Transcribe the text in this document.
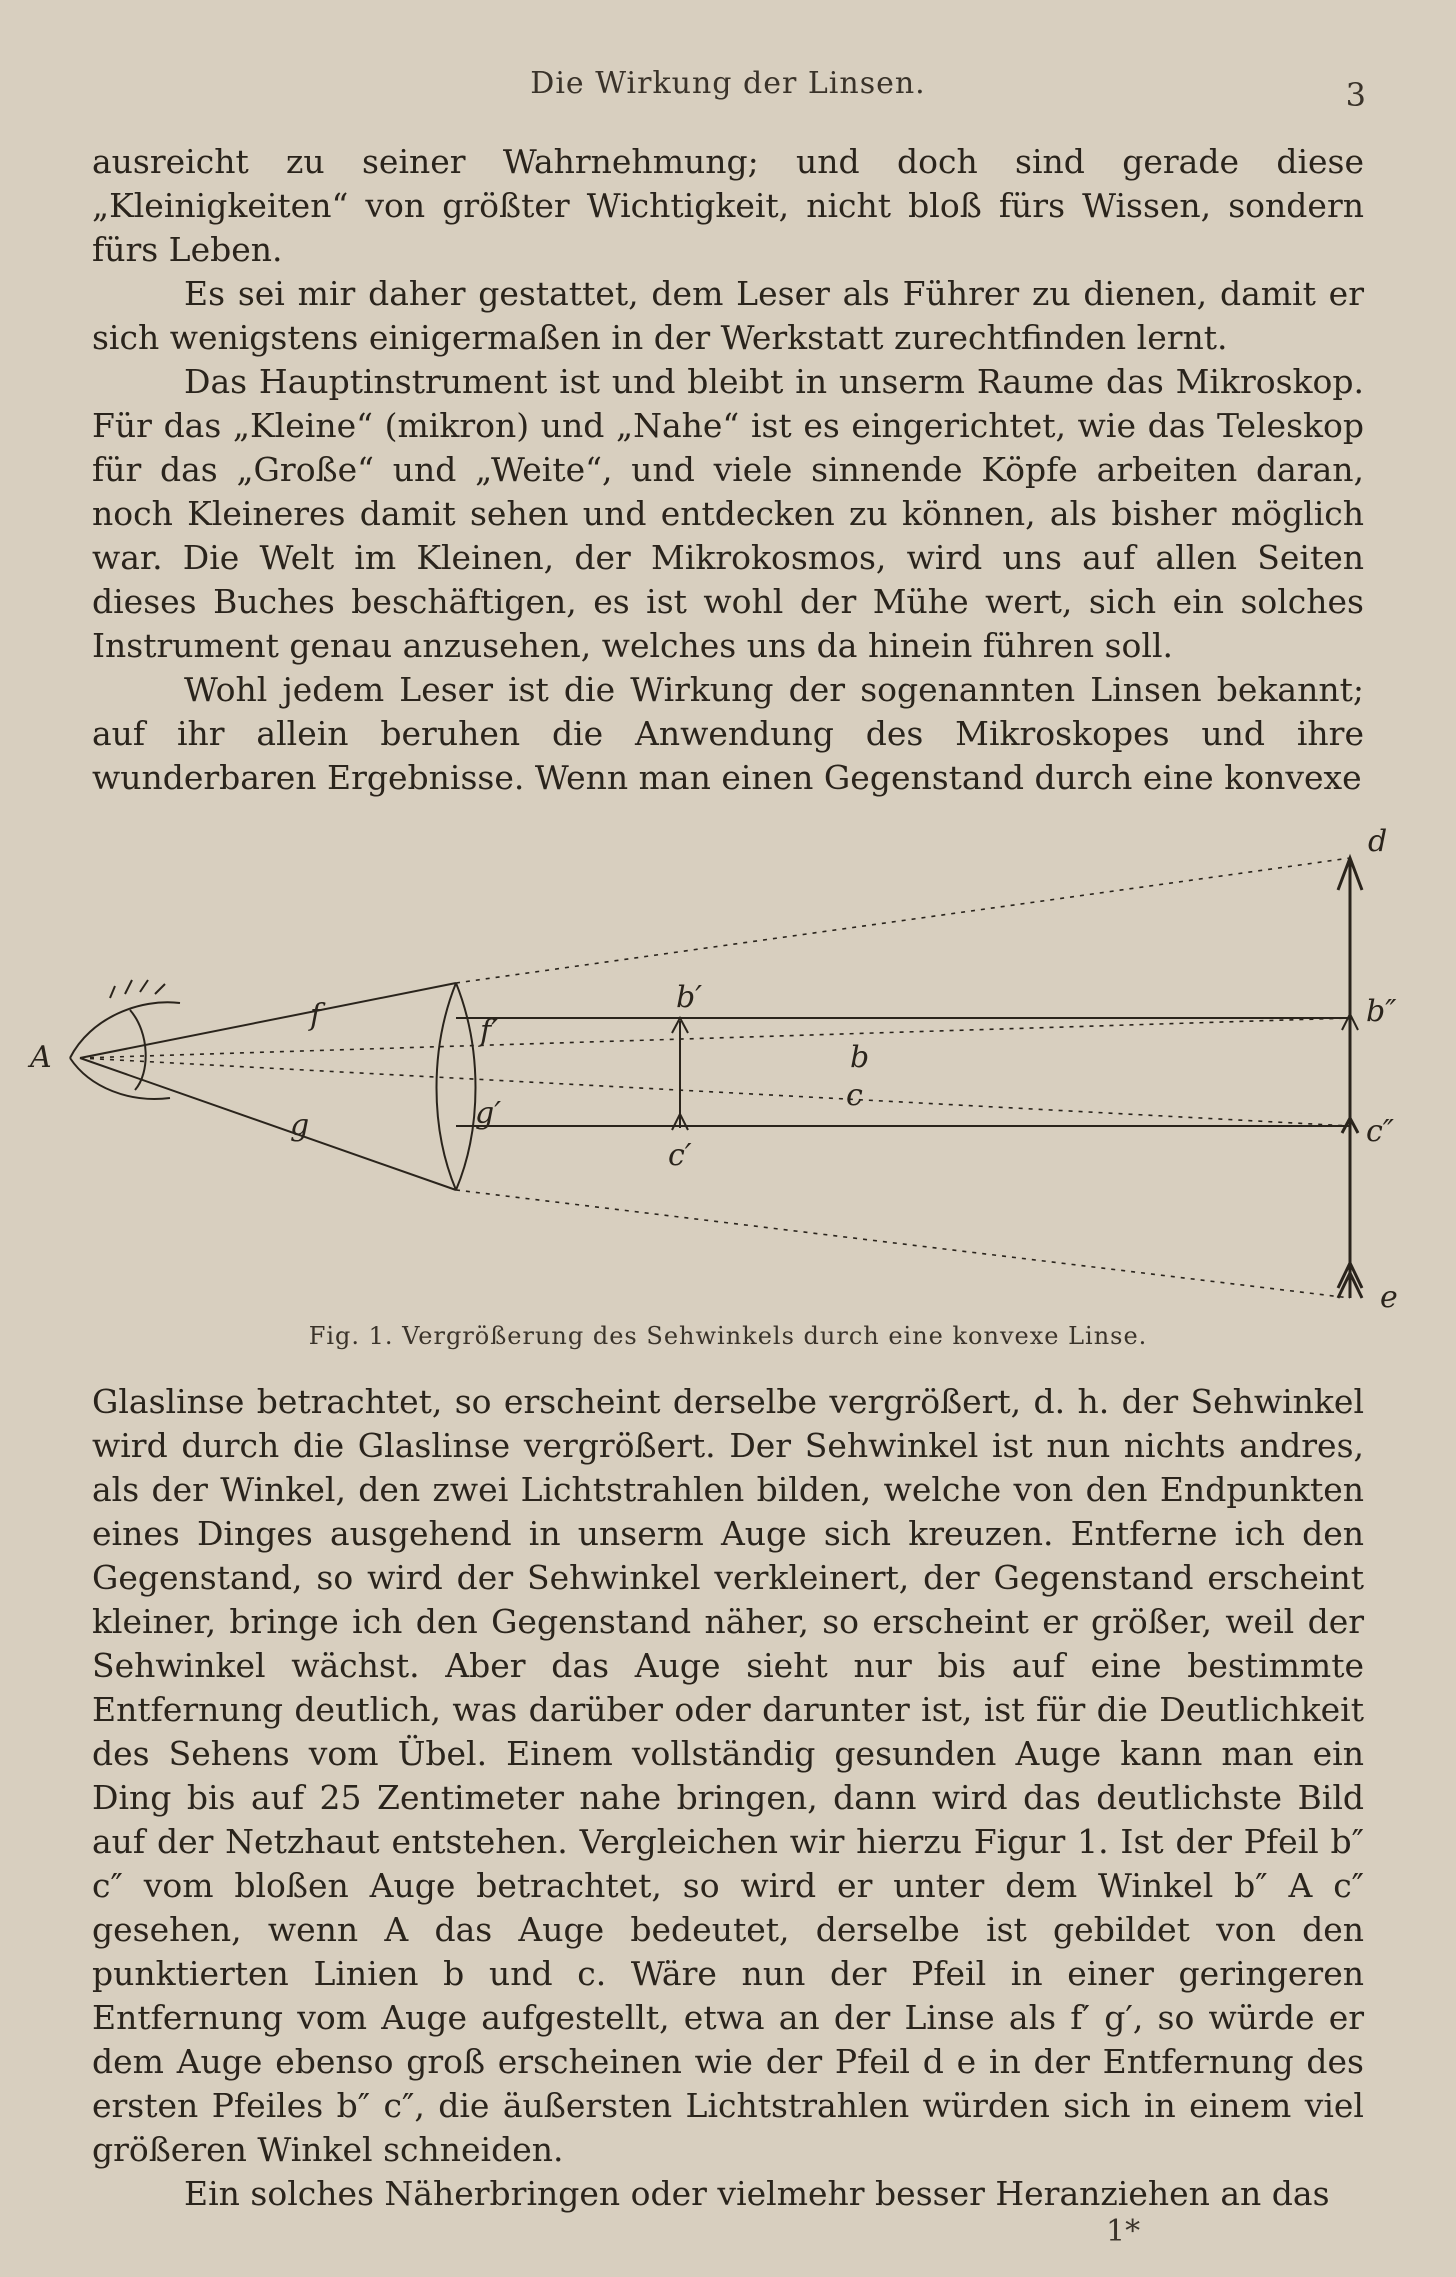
Die Wirkung der Linsen.	3

ausreicht zu seiner Wahrnehmung; und doch sind gerade diese „Kleinigkeiten“ von größter Wichtigkeit, nicht bloß fürs Wissen, sondern fürs Leben.

Es sei mir daher gestattet, dem Leser als Führer zu dienen, damit er sich wenigstens einigermaßen in der Werkstatt zurechtfinden lernt.

Das Hauptinstrument ist und bleibt in unserm Raume das Mikroskop. Für das „Kleine“ (mikron) und „Nahe“ ist es eingerichtet, wie das Teleskop für das „Große“ und „Weite“, und viele sinnende Köpfe arbeiten daran, noch Kleineres damit sehen und entdecken zu können, als bisher möglich war. Die Welt im Kleinen, der Mikrokosmos, wird uns auf allen Seiten dieses Buches beschäftigen, es ist wohl der Mühe wert, sich ein solches Instrument genau anzusehen, welches uns da hinein führen soll.

Wohl jedem Leser ist die Wirkung der sogenannten Linsen bekannt; auf ihr allein beruhen die Anwendung des Mikroskopes und ihre wunderbaren Ergebnisse. Wenn man einen Gegenstand durch eine konvexe

A
f
g
f′
g′
b′
c′
b
c
b″
c″
d
e
Fig. 1. Vergrößerung des Sehwinkels durch eine konvexe Linse.

Glaslinse betrachtet, so erscheint derselbe vergrößert, d. h. der Sehwinkel wird durch die Glaslinse vergrößert. Der Sehwinkel ist nun nichts andres, als der Winkel, den zwei Lichtstrahlen bilden, welche von den Endpunkten eines Dinges ausgehend in unserm Auge sich kreuzen. Entferne ich den Gegenstand, so wird der Sehwinkel verkleinert, der Gegenstand erscheint kleiner, bringe ich den Gegenstand näher, so erscheint er größer, weil der Sehwinkel wächst. Aber das Auge sieht nur bis auf eine bestimmte Entfernung deutlich, was darüber oder darunter ist, ist für die Deutlichkeit des Sehens vom Übel. Einem vollständig gesunden Auge kann man ein Ding bis auf 25 Zentimeter nahe bringen, dann wird das deutlichste Bild auf der Netzhaut entstehen. Vergleichen wir hierzu Figur 1. Ist der Pfeil b″ c″ vom bloßen Auge betrachtet, so wird er unter dem Winkel b″ A c″ gesehen, wenn A das Auge bedeutet, derselbe ist gebildet von den punktierten Linien b und c. Wäre nun der Pfeil in einer geringeren Entfernung vom Auge aufgestellt, etwa an der Linse als f′ g′, so würde er dem Auge ebenso groß erscheinen wie der Pfeil d e in der Entfernung des ersten Pfeiles b″ c″, die äußersten Lichtstrahlen würden sich in einem viel größeren Winkel schneiden.

Ein solches Näherbringen oder vielmehr besser Heranziehen an das

1*
